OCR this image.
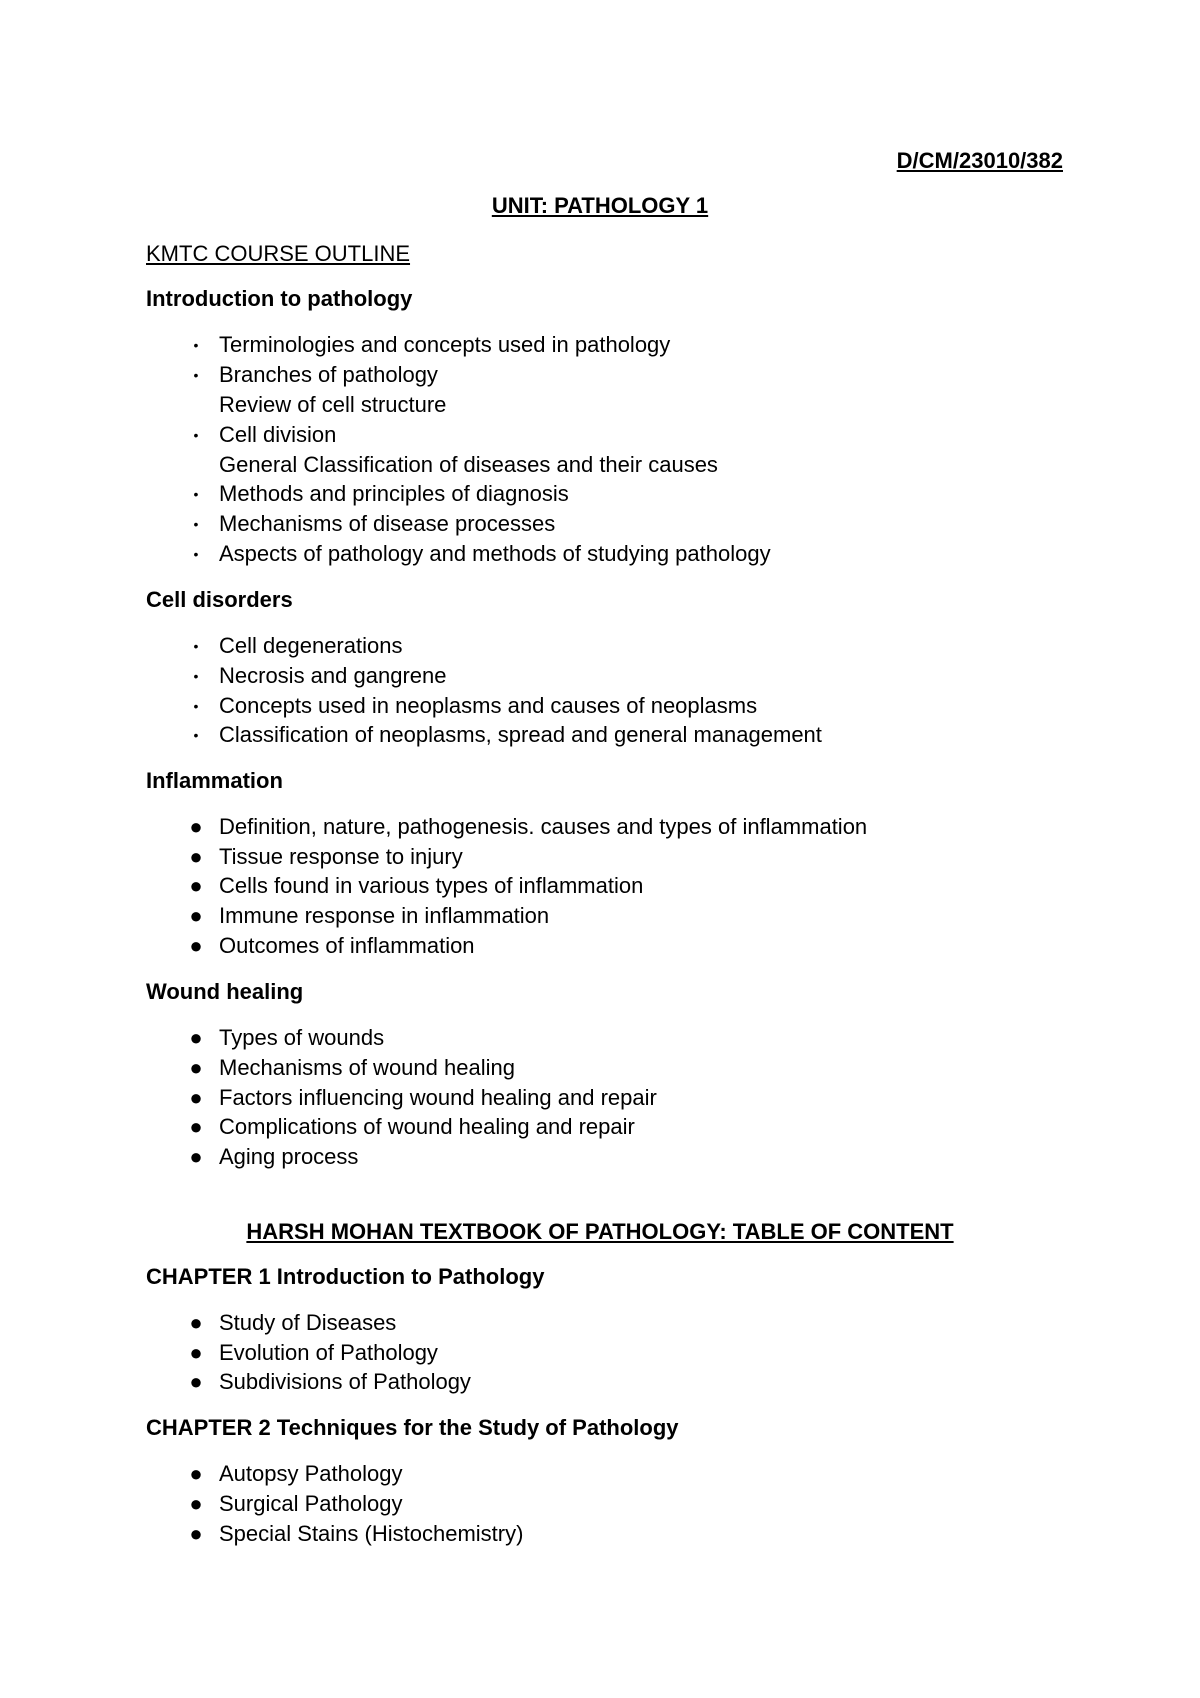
D/CM/23010/382
UNIT: PATHOLOGY 1
KMTC COURSE OUTLINE
Introduction to pathology
• Terminologies and concepts used in pathology
• Branches of pathology
Review of cell structure
• Cell division
General Classification of diseases and their causes
• Methods and principles of diagnosis
• Mechanisms of disease processes
• Aspects of pathology and methods of studying pathology
Cell disorders
• Cell degenerations
• Necrosis and gangrene
• Concepts used in neoplasms and causes of neoplasms
• Classification of neoplasms, spread and general management
Inflammation
● Definition, nature, pathogenesis. causes and types of inflammation
● Tissue response to injury
● Cells found in various types of inflammation
● Immune response in inflammation
● Outcomes of inflammation
Wound healing
● Types of wounds
● Mechanisms of wound healing
● Factors influencing wound healing and repair
● Complications of wound healing and repair
● Aging process
HARSH MOHAN TEXTBOOK OF PATHOLOGY: TABLE OF CONTENT
CHAPTER 1 Introduction to Pathology
● Study of Diseases
● Evolution of Pathology
● Subdivisions of Pathology
CHAPTER 2 Techniques for the Study of Pathology
● Autopsy Pathology
● Surgical Pathology
● Special Stains (Histochemistry)
